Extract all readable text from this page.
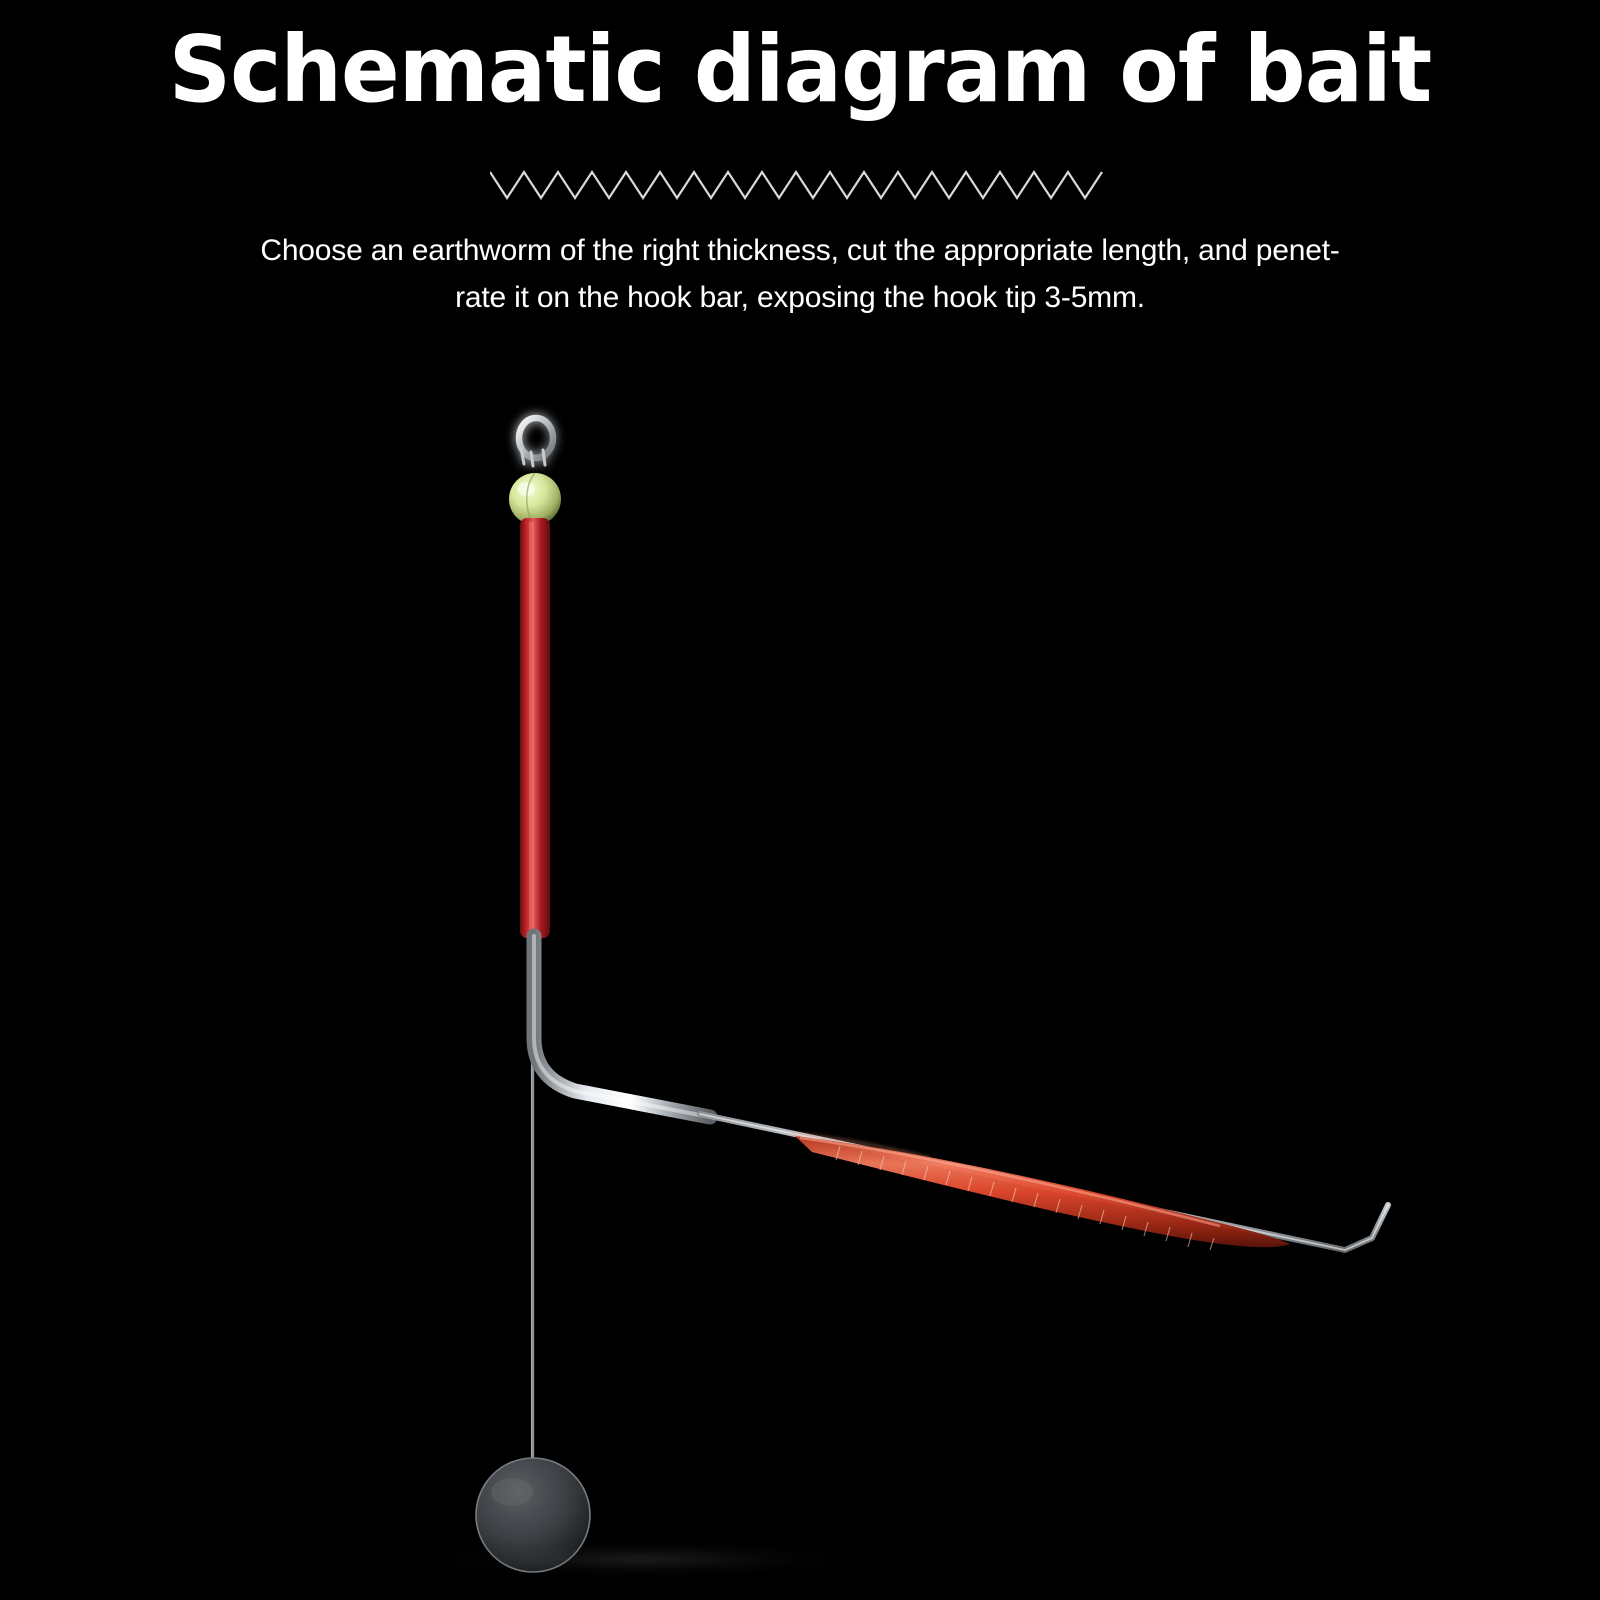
Schematic diagram of bait
Choose an earthworm of the right thickness, cut the appropriate length, and penet-
rate it on the hook bar, exposing the hook tip 3-5mm.
